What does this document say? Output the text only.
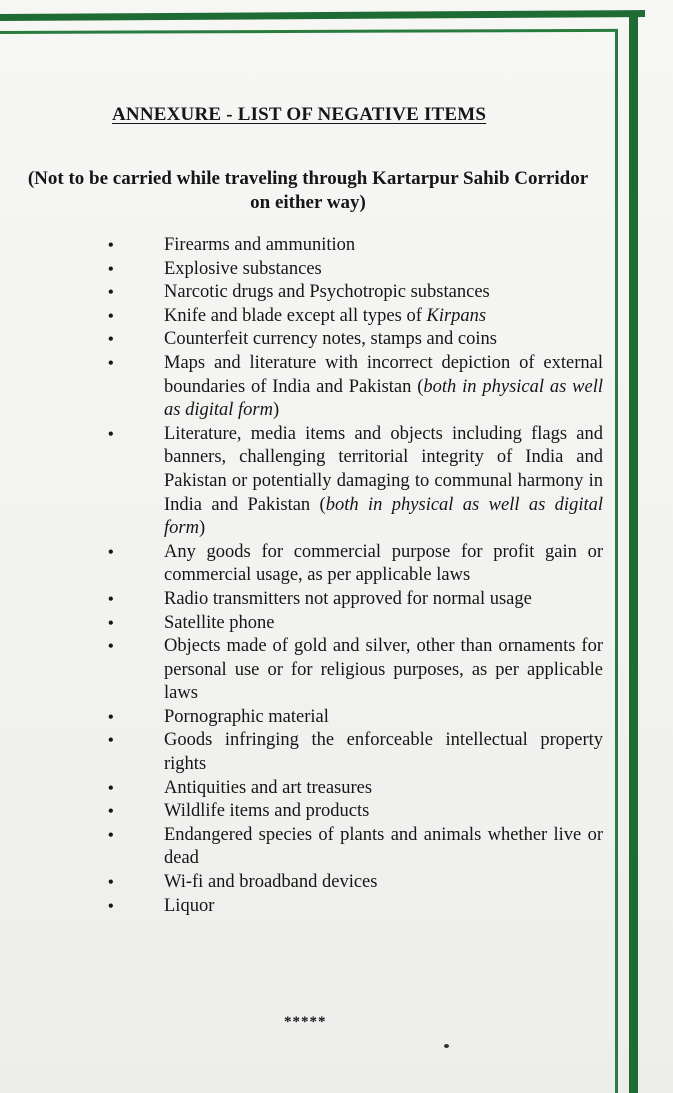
ANNEXURE - LIST OF NEGATIVE ITEMS
(Not to be carried while traveling through Kartarpur Sahib Corridor
on either way)
•	Firearms and ammunition
•	Explosive substances
•	Narcotic drugs and Psychotropic substances
•	Knife and blade except all types of Kirpans
•	Counterfeit currency notes, stamps and coins
•	Maps and literature with incorrect depiction of external boundaries of India and Pakistan (both in physical as well as digital form)
•	Literature, media items and objects including flags and banners, challenging territorial integrity of India and Pakistan or potentially damaging to communal harmony in India and Pakistan (both in physical as well as digital form)
•	Any goods for commercial purpose for profit gain or commercial usage, as per applicable laws
•	Radio transmitters not approved for normal usage
•	Satellite phone
•	Objects made of gold and silver, other than ornaments for personal use or for religious purposes, as per applicable laws
•	Pornographic material
•	Goods infringing the enforceable intellectual property rights
•	Antiquities and art treasures
•	Wildlife items and products
•	Endangered species of plants and animals whether live or dead
•	Wi-fi and broadband devices
•	Liquor
*****
